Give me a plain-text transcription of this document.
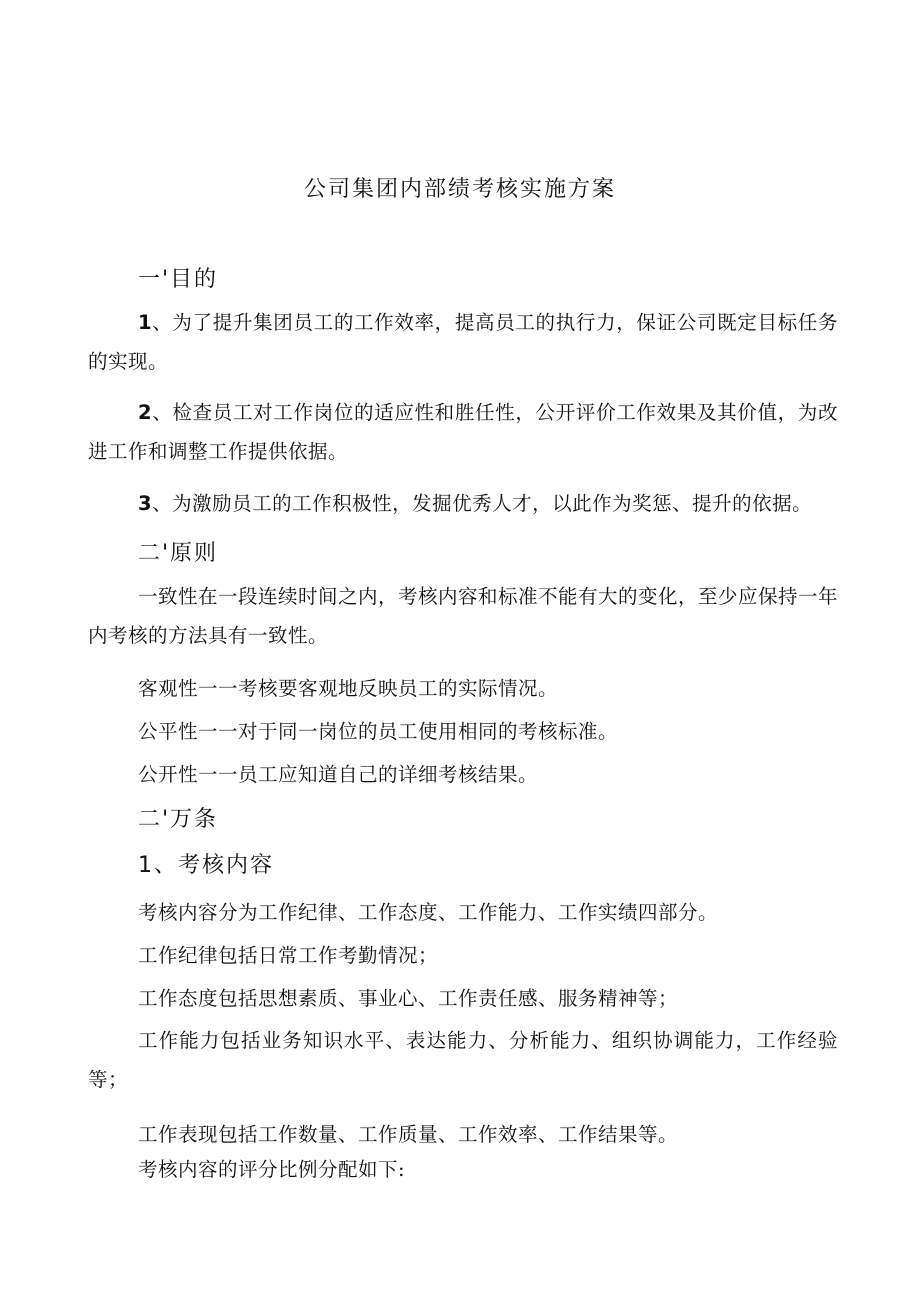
公司集团内部绩考核实施方案
一'目的
1、为了提升集团员工的工作效率，提高员工的执行力，保证公司既定目标任务的实现。
2、检查员工对工作岗位的适应性和胜任性，公开评价工作效果及其价值，为改进工作和调整工作提供依据。
3、为激励员工的工作积极性，发掘优秀人才，以此作为奖惩、提升的依据。
二'原则
一致性在一段连续时间之内，考核内容和标准不能有大的变化，至少应保持一年内考核的方法具有一致性。
客观性一一考核要客观地反映员工的实际情况。
公平性一一对于同一岗位的员工使用相同的考核标准。
公开性一一员工应知道自己的详细考核结果。
二'万条
1、考核内容
考核内容分为工作纪律、工作态度、工作能力、工作实绩四部分。
工作纪律包括日常工作考勤情况；
工作态度包括思想素质、事业心、工作责任感、服务精神等；
工作能力包括业务知识水平、表达能力、分析能力、组织协调能力，工作经验等；
工作表现包括工作数量、工作质量、工作效率、工作结果等。
考核内容的评分比例分配如下:
